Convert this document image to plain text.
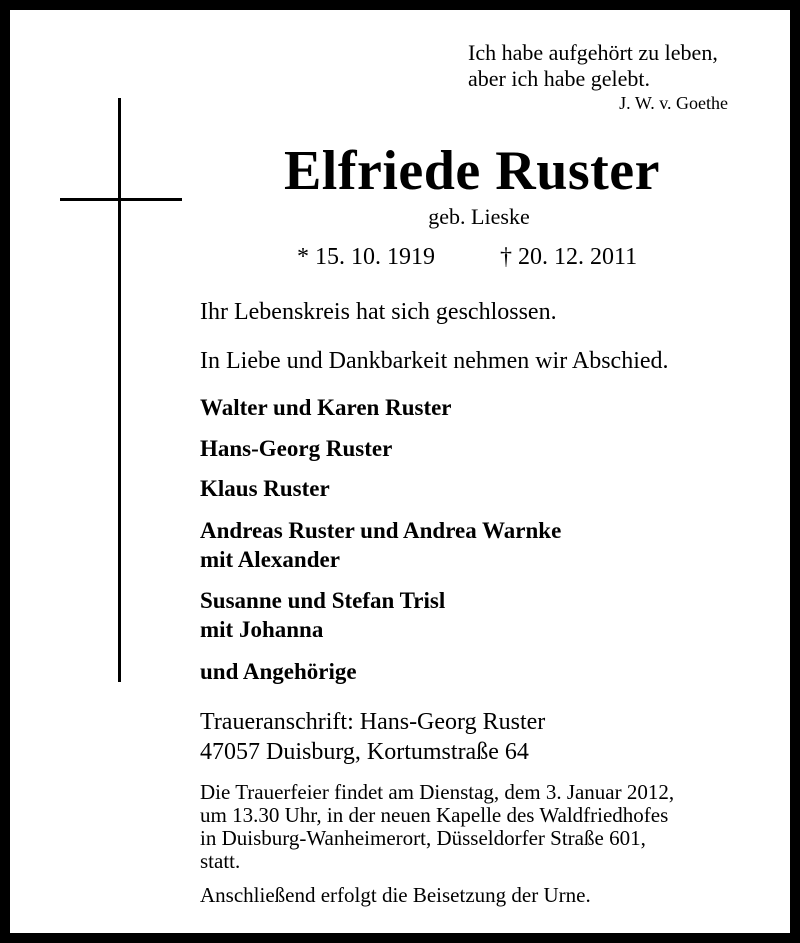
Ich habe aufgehört zu leben,
aber ich habe gelebt.
J. W. v. Goethe
Elfriede Ruster
geb. Lieske
* 15. 10. 1919	† 20. 12. 2011
Ihr Lebenskreis hat sich geschlossen.
In Liebe und Dankbarkeit nehmen wir Abschied.
Walter und Karen Ruster
Hans-Georg Ruster
Klaus Ruster
Andreas Ruster und Andrea Warnke
mit Alexander
Susanne und Stefan Trisl
mit Johanna
und Angehörige
Traueranschrift: Hans-Georg Ruster
47057 Duisburg, Kortumstraße 64
Die Trauerfeier findet am Dienstag, dem 3. Januar 2012,
um 13.30 Uhr, in der neuen Kapelle des Waldfriedhofes
in Duisburg-Wanheimerort, Düsseldorfer Straße 601,
statt.
Anschließend erfolgt die Beisetzung der Urne.
